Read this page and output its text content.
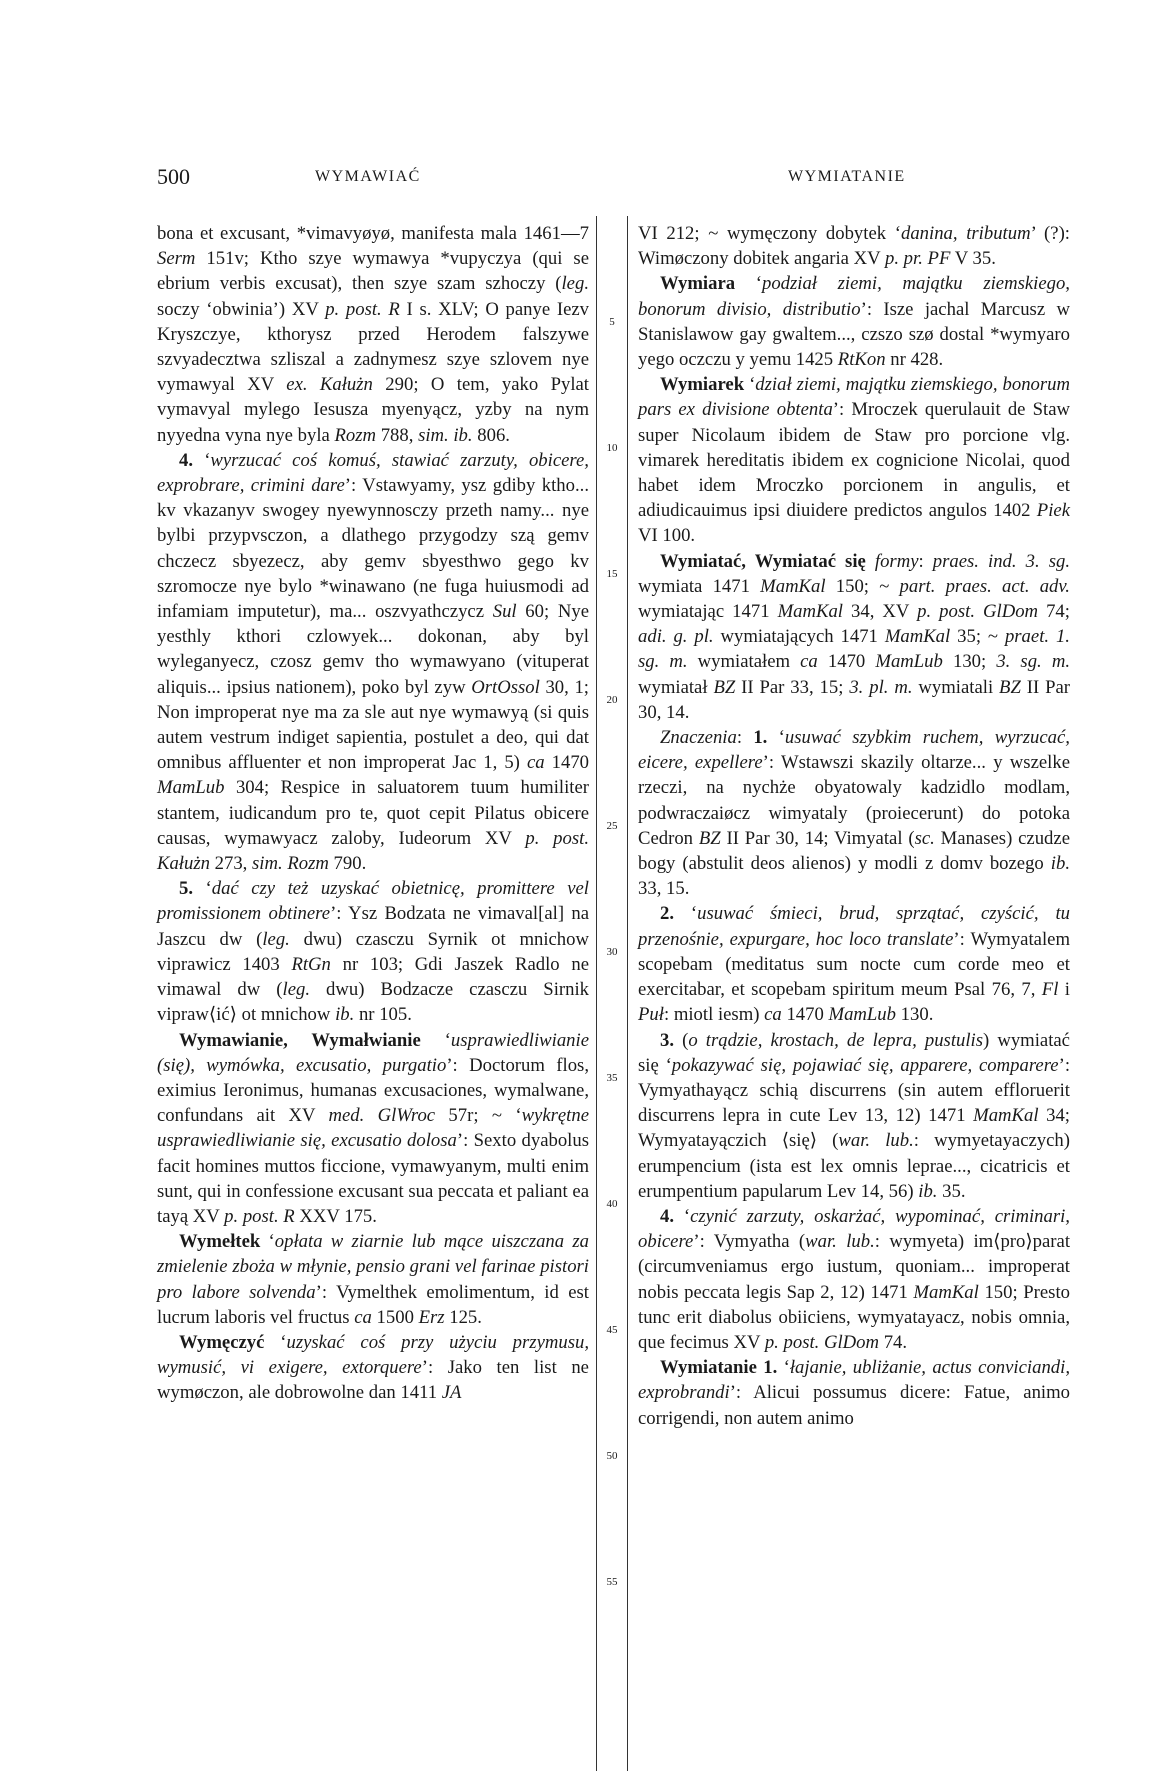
500	WYMAWIAĆ	WYMIATANIE
5
10
15
20
25
30
35
40
45
50
55

bona et excusant, *vimavyøyø, manifesta mala 1461—7 Serm 151v; Ktho szye wymawya *vupyczya (qui se ebrium verbis excusat), then szye szam szhoczy (leg. soczy ‘obwinia’) XV p. post. R I s. XLV; O panye Iezv Kryszczye, kthorysz przed Herodem falszywe szvyadecztwa szliszal a zadnymesz szye szlovem nye vymawyal XV ex. Kałużn 290; O tem, yako Pylat vymavyal mylego Iesusza myenyącz, yzby na nym nyyedna vyna nye byla Rozm 788, sim. ib. 806.

4. ‘wyrzucać coś komuś, stawiać zarzuty, obicere, exprobrare, crimini dare’: Vstawyamy, ysz gdiby ktho... kv vkazanyv swogey nyewynnosczy przeth namy... nye bylbi przypvsczon, a dlathego przygodzy szą gemv chczecz sbyezecz, aby gemv sbyesthwo gego kv szromocze nye bylo *winawano (ne fuga huiusmodi ad infamiam imputetur), ma... oszvyathczycz Sul 60; Nye yesthly kthori czlowyek... dokonan, aby byl wyleganyecz, czosz gemv tho wymawyano (vituperat aliquis... ipsius nationem), poko byl zyw OrtOssol 30, 1; Non improperat nye ma za sle aut nye wymawyą (si quis autem vestrum indiget sapientia, postulet a deo, qui dat omnibus affluenter et non improperat Jac 1, 5) ca 1470 MamLub 304; Respice in saluatorem tuum humiliter stantem, iudicandum pro te, quot cepit Pilatus obicere causas, wymawyacz zaloby, Iudeorum XV p. post. Kałużn 273, sim. Rozm 790.

5. ‘dać czy też uzyskać obietnicę, promittere vel promissionem obtinere’: Ysz Bodzata ne vimaval[al] na Jaszcu dw (leg. dwu) czasczu Syrnik ot mnichow viprawicz 1403 RtGn nr 103; Gdi Jaszek Radlo ne vimawal dw (leg. dwu) Bodzacze czasczu Sirnik vipraw⟨ić⟩ ot mnichow ib. nr 105.

Wymawianie, Wymałwianie ‘usprawiedliwianie (się), wymówka, excusatio, purgatio’: Doctorum flos, eximius Ieronimus, humanas excusaciones, wymalwane, confundans ait XV med. GlWroc 57r; ~ ‘wykrętne usprawiedliwianie się, excusatio dolosa’: Sexto dyabolus facit homines muttos ficcione, vymawyanym, multi enim sunt, qui in confessione excusant sua peccata et paliant ea tayą XV p. post. R XXV 175.

Wymełtek ‘opłata w ziarnie lub mące uiszczana za zmielenie zboża w młynie, pensio grani vel farinae pistori pro labore solvenda’: Vymelthek emolimentum, id est lucrum laboris vel fructus ca 1500 Erz 125.

Wymęczyć ‘uzyskać coś przy użyciu przymusu, wymusić, vi exigere, extorquere’: Jako ten list ne wymøczon, ale dobrowolne dan 1411 JA

VI 212; ~ wymęczony dobytek ‘danina, tributum’ (?): Wimøczony dobitek angaria XV p. pr. PF V 35.

Wymiara ‘podział ziemi, majątku ziemskiego, bonorum divisio, distributio’: Isze jachal Marcusz w Stanislawow gay gwaltem..., czszo szø dostal *wymyaro yego oczczu y yemu 1425 RtKon nr 428.

Wymiarek ‘dział ziemi, majątku ziemskiego, bonorum pars ex divisione obtenta’: Mroczek querulauit de Staw super Nicolaum ibidem de Staw pro porcione vlg. vimarek hereditatis ibidem ex cognicione Nicolai, quod habet idem Mroczko porcionem in angulis, et adiudicauimus ipsi diuidere predictos angulos 1402 Piek VI 100.

Wymiatać, Wymiatać się formy: praes. ind. 3. sg. wymiata 1471 MamKal 150; ~ part. praes. act. adv. wymiatając 1471 MamKal 34, XV p. post. GlDom 74; adi. g. pl. wymiatających 1471 MamKal 35; ~ praet. 1. sg. m. wymiatałem ca 1470 MamLub 130; 3. sg. m. wymiatał BZ II Par 33, 15; 3. pl. m. wymiatali BZ II Par 30, 14.

Znaczenia: 1. ‘usuwać szybkim ruchem, wyrzucać, eicere, expellere’: Wstawszi skazily oltarze... y wszelke rzeczi, na nychże obyatowaly kadzidlo modlam, podwraczaiøcz wimyataly (proiecerunt) do potoka Cedron BZ II Par 30, 14; Vimyatal (sc. Manases) czudze bogy (abstulit deos alienos) y modli z domv bozego ib. 33, 15.

2. ‘usuwać śmieci, brud, sprzątać, czyścić, tu przenośnie, expurgare, hoc loco translate’: Wymyatalem scopebam (meditatus sum nocte cum corde meo et exercitabar, et scopebam spiritum meum Psal 76, 7, Fl i Puł: miotl iesm) ca 1470 MamLub 130.

3. (o trądzie, krostach, de lepra, pustulis) wymiatać się ‘pokazywać się, pojawiać się, apparere, comparere’: Vymyathayącz schią discurrens (sin autem effloruerit discurrens lepra in cute Lev 13, 12) 1471 MamKal 34; Wymyatayączich ⟨się⟩ (war. lub.: wymyetayaczych) erumpencium (ista est lex omnis leprae..., cicatricis et erumpentium papularum Lev 14, 56) ib. 35.

4. ‘czynić zarzuty, oskarżać, wypominać, criminari, obicere’: Vymyatha (war. lub.: wymyeta) im⟨pro⟩parat (circumveniamus ergo iustum, quoniam... improperat nobis peccata legis Sap 2, 12) 1471 MamKal 150; Presto tunc erit diabolus obiiciens, wymyatayacz, nobis omnia, que fecimus XV p. post. GlDom 74.

Wymiatanie 1. ‘łajanie, ubliżanie, actus conviciandi, exprobrandi’: Alicui possumus dicere: Fatue, animo corrigendi, non autem animo
